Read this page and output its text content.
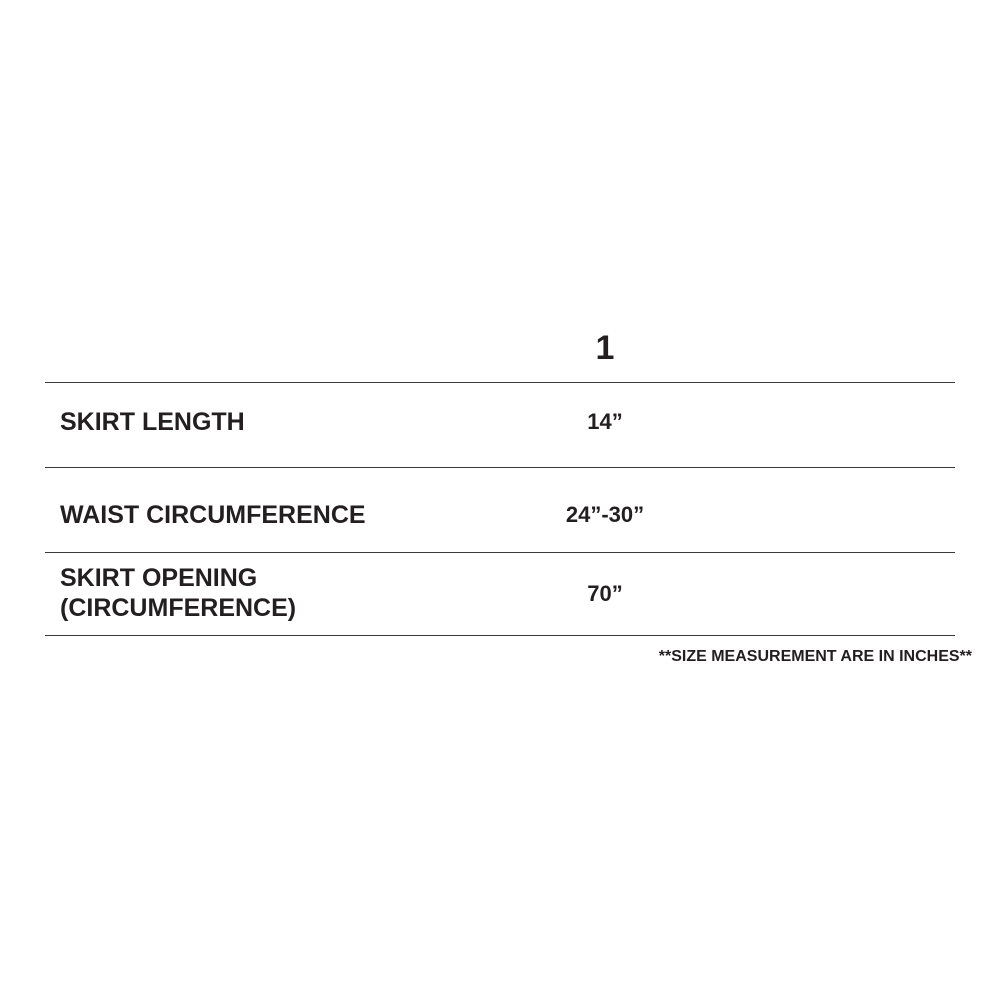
1
SKIRT LENGTH	14”
WAIST CIRCUMFERENCE	24”-30”
SKIRT OPENING
(CIRCUMFERENCE)
70”
**SIZE MEASUREMENT ARE IN INCHES**
